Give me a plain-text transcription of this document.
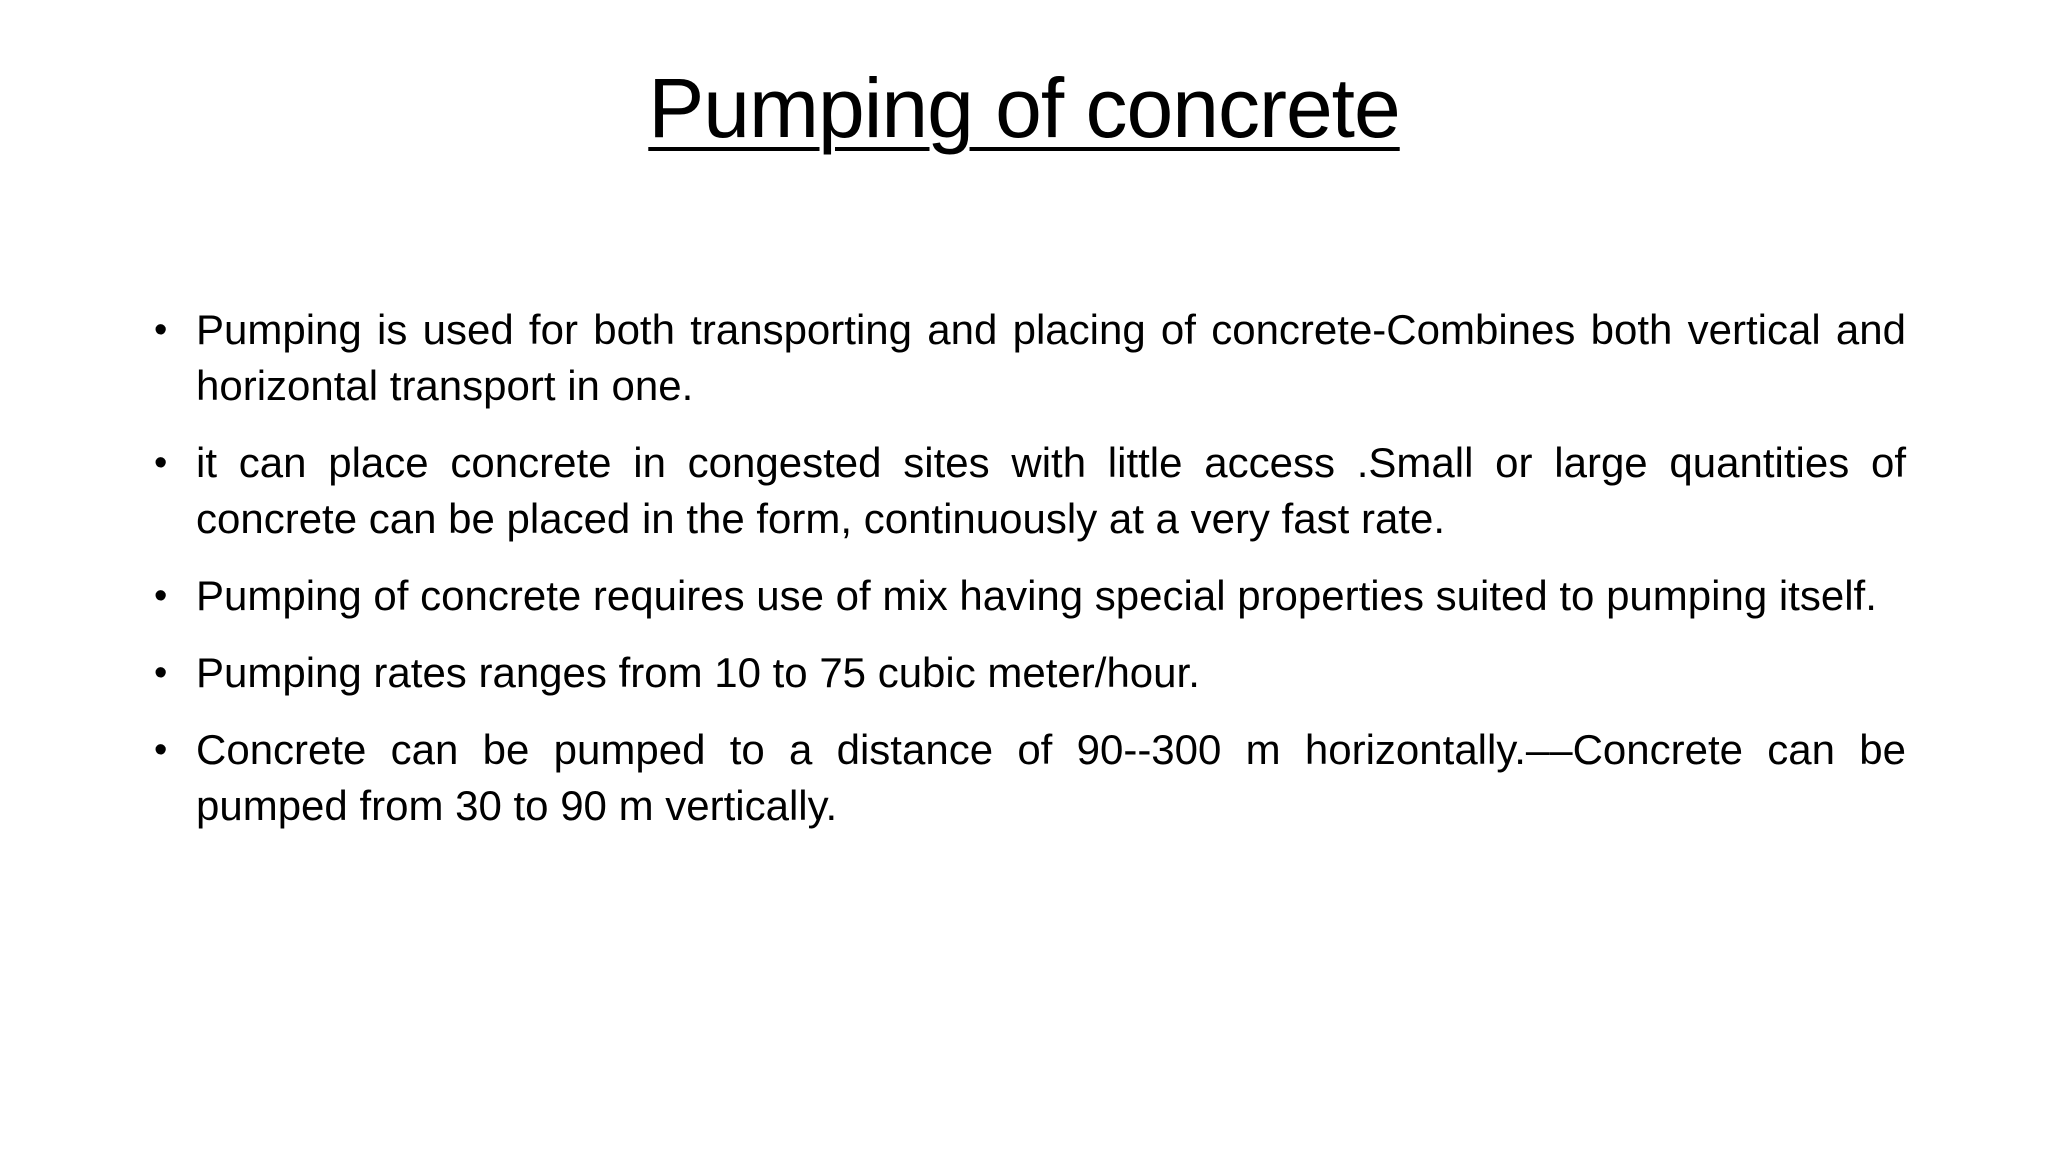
Pumping of concrete
• Pumping is used for both transporting and placing of concrete-Combines both vertical and horizontal transport in one.
• it can place concrete in congested sites with little access .Small or large quantities of concrete can be placed in the form, continuously at a very fast rate.
• Pumping of concrete requires use of mix having special properties suited to pumping itself.
• Pumping rates ranges from 10 to 75 cubic meter/hour.
• Concrete can be pumped to a distance of 90--300 m horizontally.––Concrete can be pumped from 30 to 90 m vertically.
